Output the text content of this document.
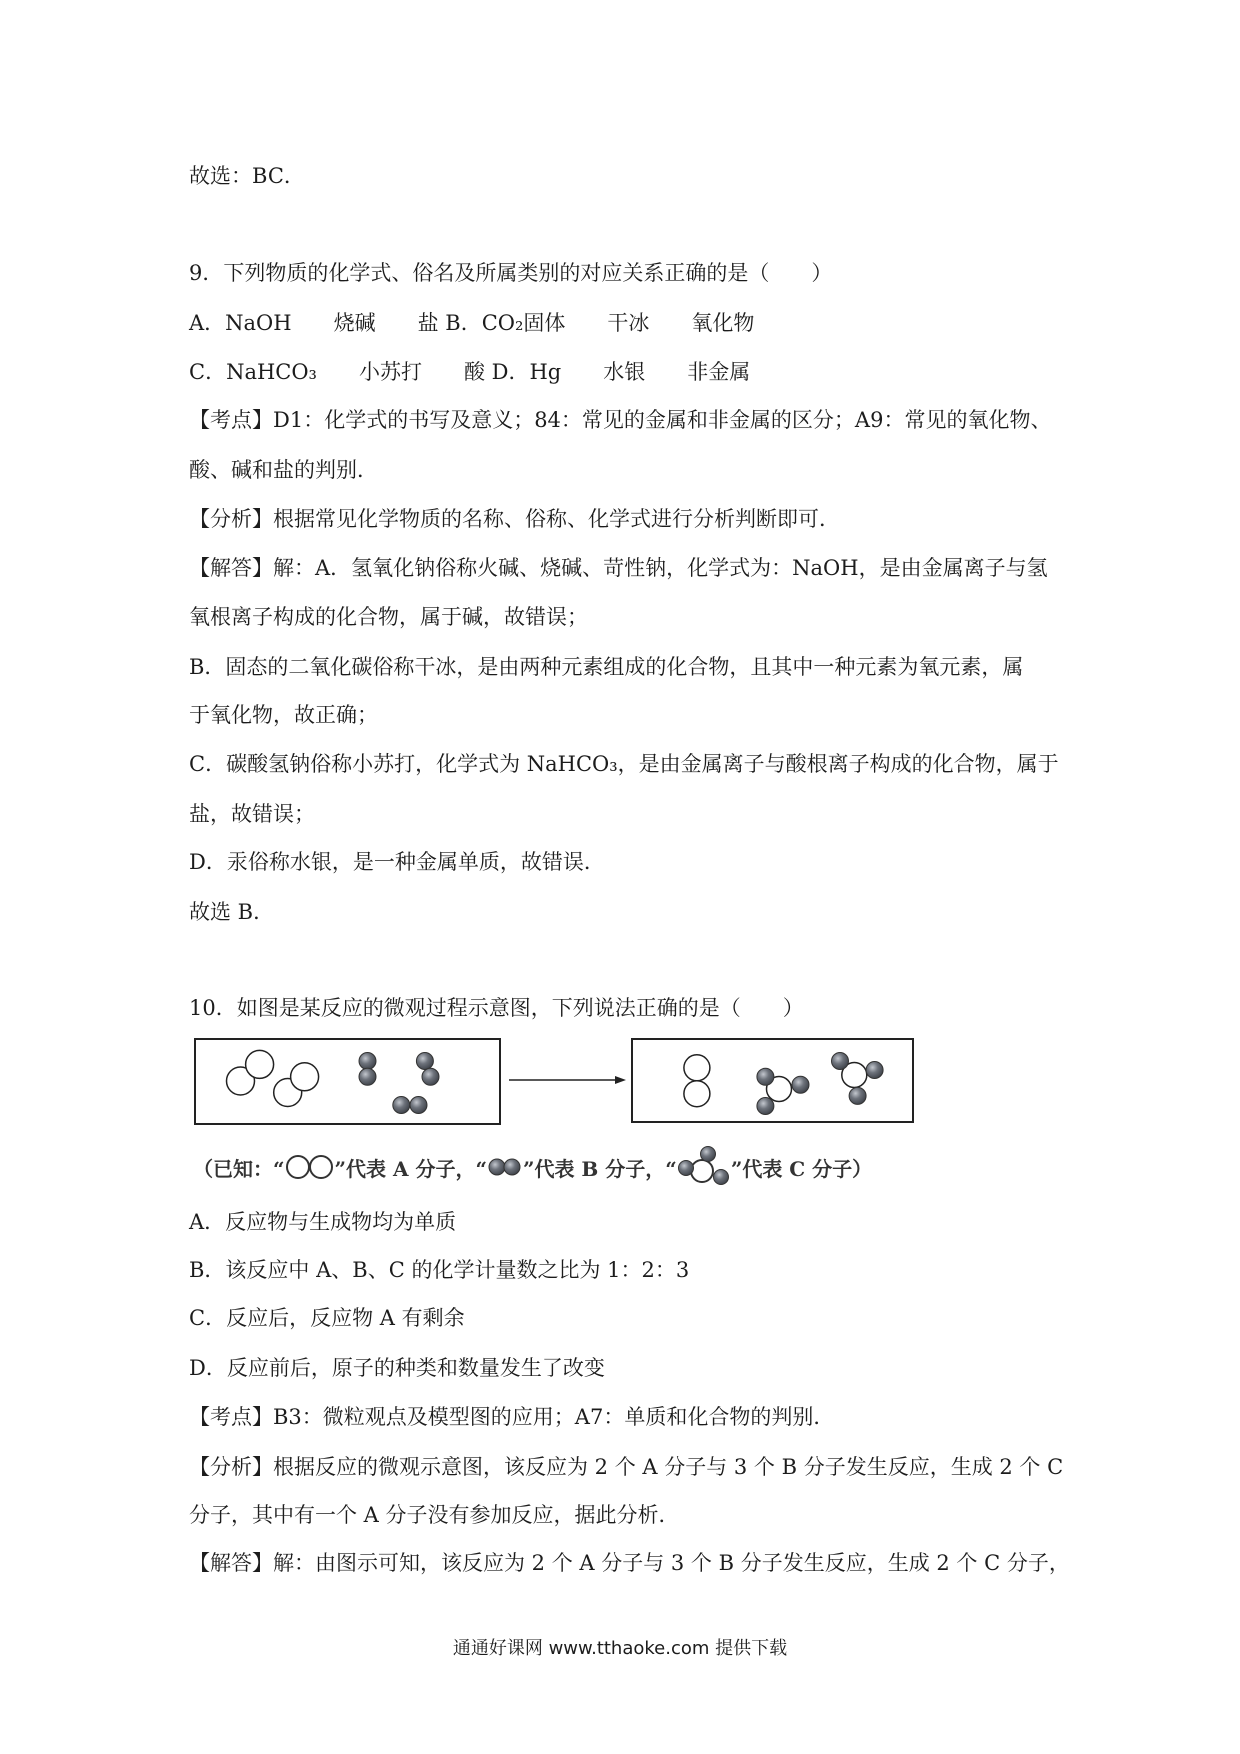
故选：BC．
9．下列物质的化学式、俗名及所属类别的对应关系正确的是（　　）
A．NaOH　　烧碱　　盐 B．CO₂固体　　干冰　　氧化物
C．NaHCO₃　　小苏打　　酸 D．Hg　　水银　　非金属
【考点】D1：化学式的书写及意义；84：常见的金属和非金属的区分；A9：常见的氧化物、
酸、碱和盐的判别．
【分析】根据常见化学物质的名称、俗称、化学式进行分析判断即可．
【解答】解：A．氢氧化钠俗称火碱、烧碱、苛性钠，化学式为：NaOH，是由金属离子与氢
氧根离子构成的化合物，属于碱，故错误；
B．固态的二氧化碳俗称干冰，是由两种元素组成的化合物，且其中一种元素为氧元素，属
于氧化物，故正确；
C．碳酸氢钠俗称小苏打，化学式为 NaHCO₃，是由金属离子与酸根离子构成的化合物，属于
盐，故错误；
D．汞俗称水银，是一种金属单质，故错误．
故选 B．
10．如图是某反应的微观过程示意图，下列说法正确的是（　　）
（已知：“	”代表 A 分子，“ ”代表 B 分子，“	”代表 C 分子）
A．反应物与生成物均为单质
B．该反应中 A、B、C 的化学计量数之比为 1：2：3
C．反应后，反应物 A 有剩余
D．反应前后，原子的种类和数量发生了改变
【考点】B3：微粒观点及模型图的应用；A7：单质和化合物的判别．
【分析】根据反应的微观示意图，该反应为 2 个 A 分子与 3 个 B 分子发生反应，生成 2 个 C
分子，其中有一个 A 分子没有参加反应，据此分析．
【解答】解：由图示可知，该反应为 2 个 A 分子与 3 个 B 分子发生反应，生成 2 个 C 分子，
通通好课网 www.tthaoke.com 提供下载
